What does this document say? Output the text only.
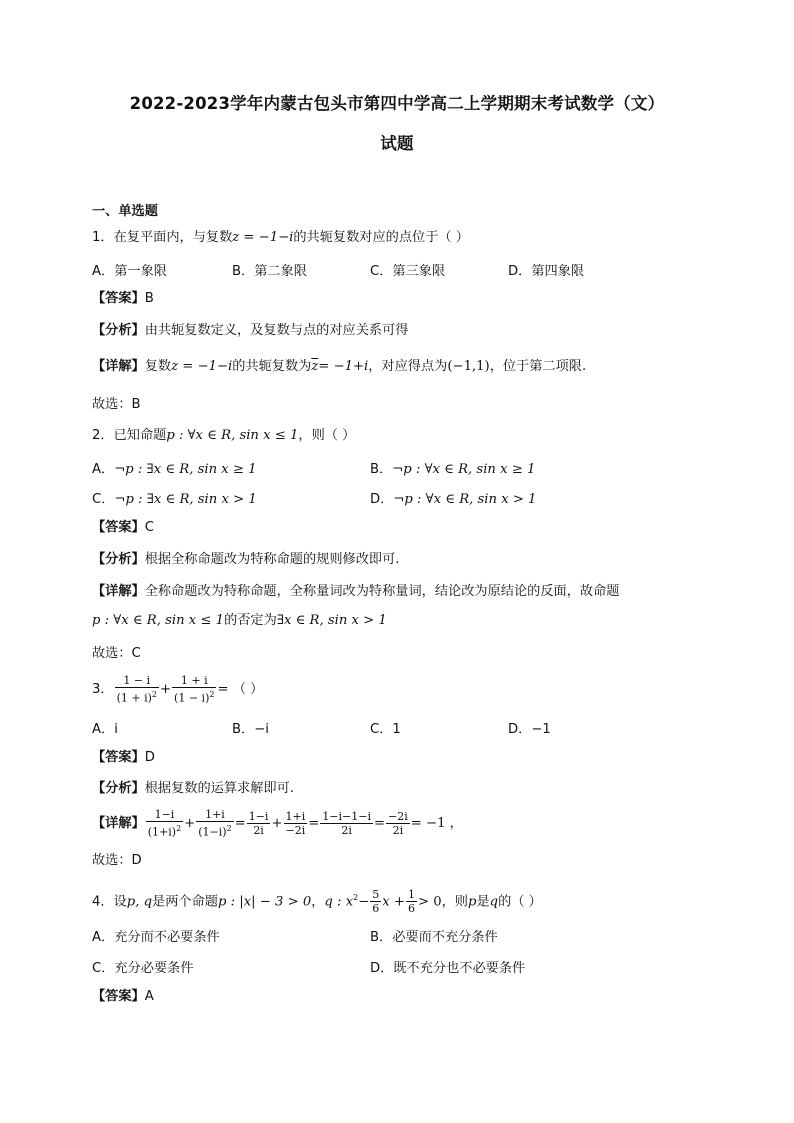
2022-2023学年内蒙古包头市第四中学高二上学期期末考试数学（文）
试题
一、单选题
1．在复平面内，与复数z = −1−i的共轭复数对应的点位于（ ）
A．第一象限	B．第二象限	C．第三象限	D．第四象限
【答案】B
【分析】由共轭复数定义，及复数与点的对应关系可得
【详解】复数z = −1−i的共轭复数为$\overline{z}= -1+i$，对应得点为(−1,1)，位于第二项限.
故选：B
2．已知命题p : ∀x ∈ R, sin x ≤ 1，则（ ）
A．¬p : ∃x ∈ R, sin x ≥ 1	B．¬p : ∀x ∈ R, sin x ≥ 1
C．¬p : ∃x ∈ R, sin x > 1	D．¬p : ∀x ∈ R, sin x > 1
【答案】C
【分析】根据全称命题改为特称命题的规则修改即可.
【详解】全称命题改为特称命题，全称量词改为特称量词，结论改为原结论的反面，故命题
p : ∀x ∈ R, sin x ≤ 1的否定为∃x ∈ R, sin x > 1
故选：C
3． $\frac{1 - i}{(1 + i)^2} + \frac{1 + i}{(1 - i)^2}$ = （ ）
A．i	B．−i	C．1	D．−1
【答案】D
【分析】根据复数的运算求解即可.
【详解】 $\frac{1-i}{(1+i)^2} + \frac{1+i}{(1-i)^2} = \frac{1-i}{2i} + \frac{1+i}{-2i} = \frac{1-i-1-i}{2i} = \frac{-2i}{2i} = -1$ ，
故选：D
4．设p, q是两个命题p : |x| − 3 > 0，q : $x^2- \frac{5}{6}$ $x + \frac{1}{6} > 0$，则p是q的（ ）
A．充分而不必要条件	B．必要而不充分条件
C．充分必要条件	D．既不充分也不必要条件
【答案】A
